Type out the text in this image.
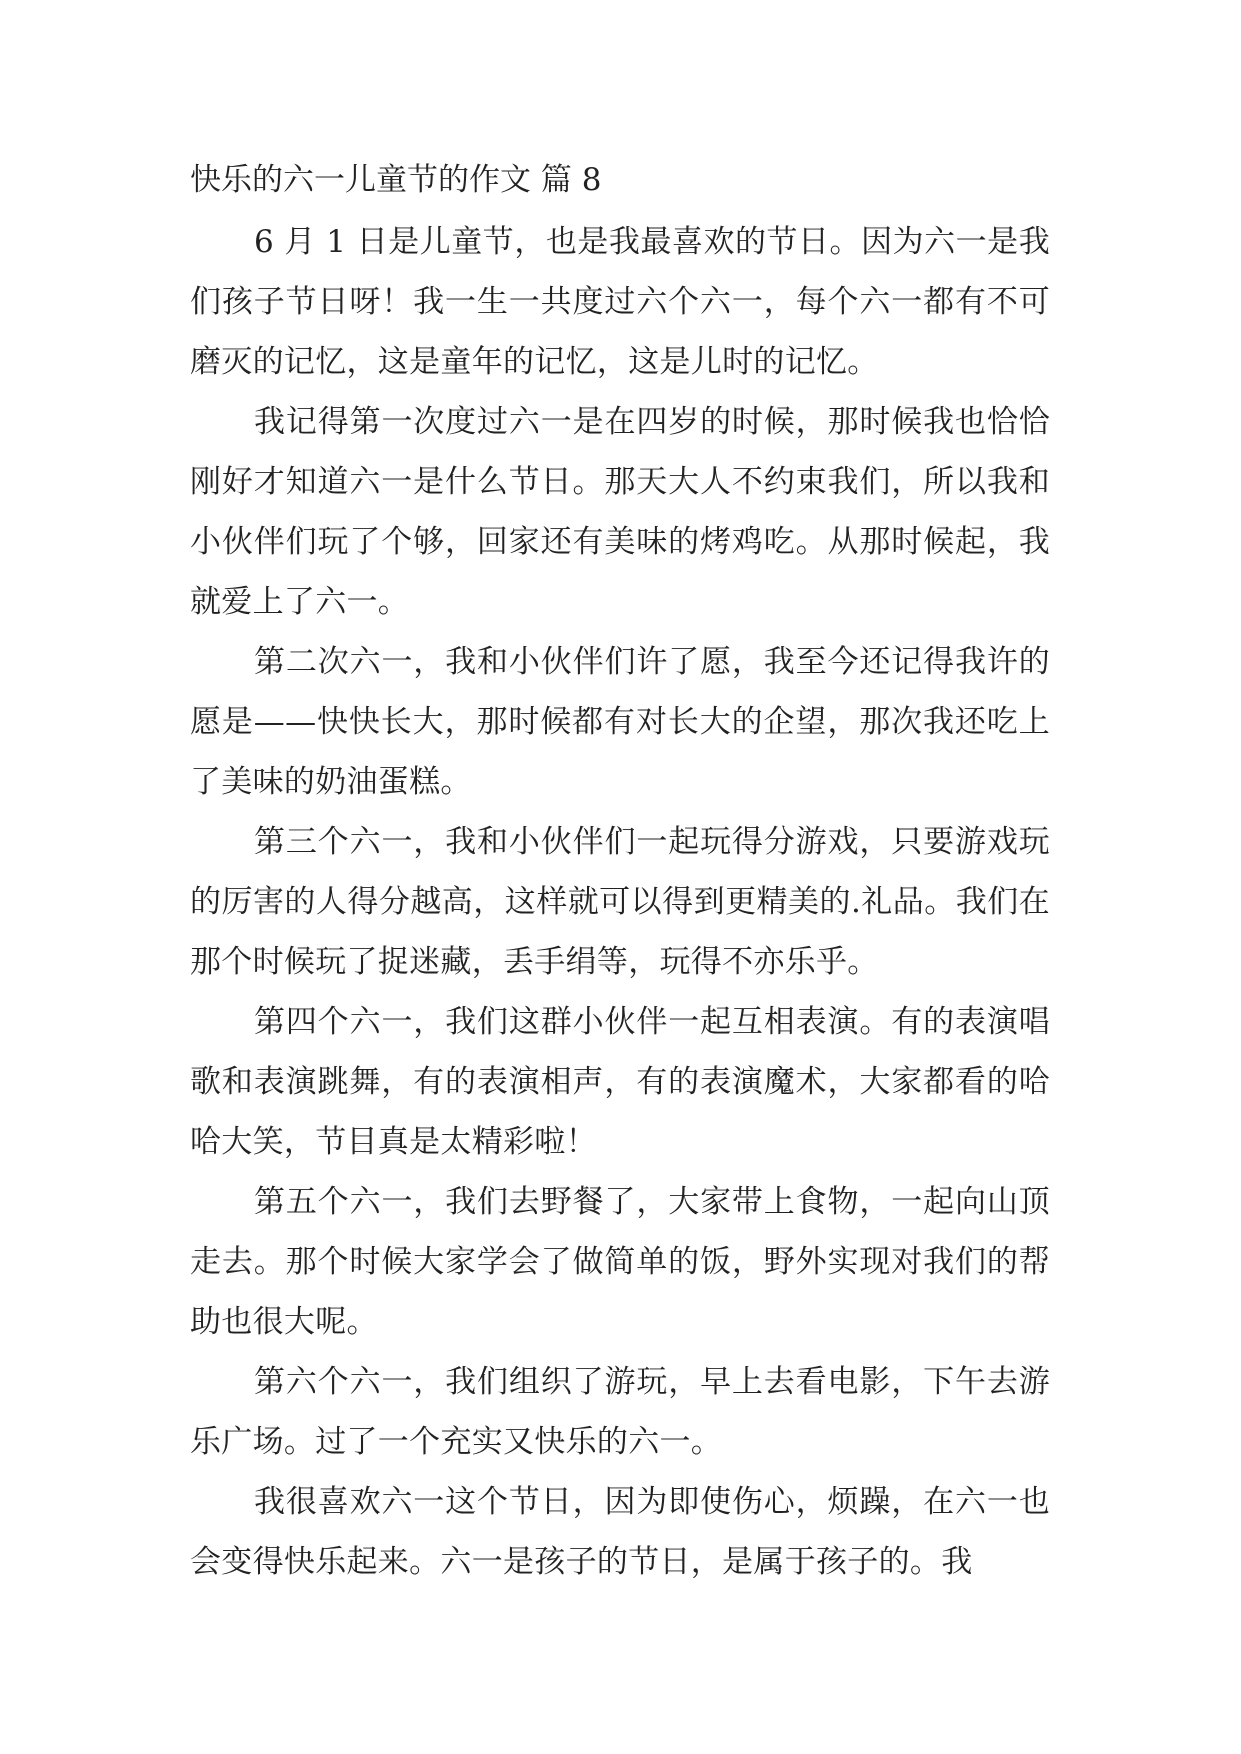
快乐的六一儿童节的作文 篇 8

6 月 1 日是儿童节，也是我最喜欢的节日。因为六一是我们孩子节日呀！我一生一共度过六个六一，每个六一都有不可磨灭的记忆，这是童年的记忆，这是儿时的记忆。

我记得第一次度过六一是在四岁的时候，那时候我也恰恰刚好才知道六一是什么节日。那天大人不约束我们，所以我和小伙伴们玩了个够，回家还有美味的烤鸡吃。从那时候起，我就爱上了六一。

第二次六一，我和小伙伴们许了愿，我至今还记得我许的愿是——快快长大，那时候都有对长大的企望，那次我还吃上了美味的奶油蛋糕。

第三个六一，我和小伙伴们一起玩得分游戏，只要游戏玩的厉害的人得分越高，这样就可以得到更精美的.礼品。我们在那个时候玩了捉迷藏，丢手绢等，玩得不亦乐乎。

第四个六一，我们这群小伙伴一起互相表演。有的表演唱歌和表演跳舞，有的表演相声，有的表演魔术，大家都看的哈哈大笑，节目真是太精彩啦！

第五个六一，我们去野餐了，大家带上食物，一起向山顶走去。那个时候大家学会了做简单的饭，野外实现对我们的帮助也很大呢。

第六个六一，我们组织了游玩，早上去看电影，下午去游乐广场。过了一个充实又快乐的六一。

我很喜欢六一这个节日，因为即使伤心，烦躁，在六一也会变得快乐起来。六一是孩子的节日，是属于孩子的。我
